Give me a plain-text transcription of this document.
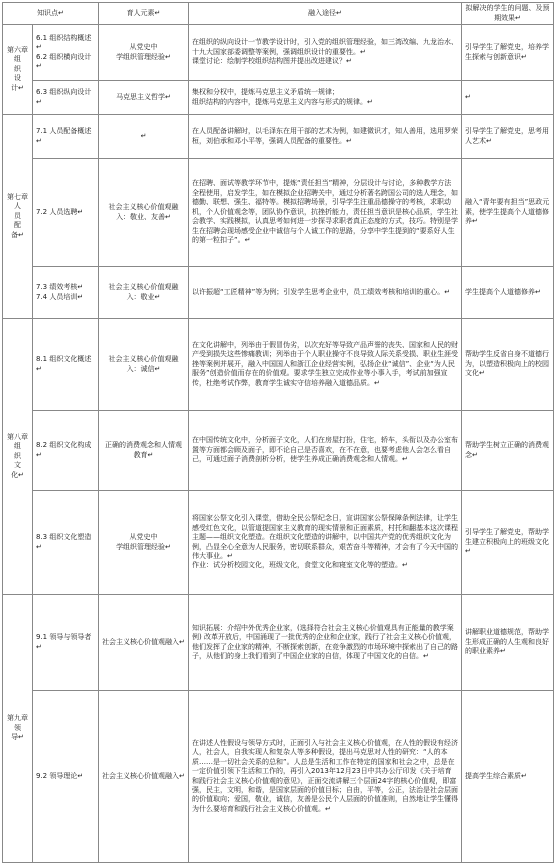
知识点↵		育人元素↵	融入途径↵	拟解决的学生的问题、及预期效果↵

第六章
组
织
设
计↵	6.1 组织结构概述↵
6.2 组织横向设计↵	从党史中
学组织管理经验↵	在组织的纵向设计一节教学设计时，引入党的组织管理经验，如三湾改编、九龙治水、十九大国家部委调整等案例，强调组织设计的重要性。↵
课堂讨论：绘制学校组织结构图并提出改进建议？↵	引导学生了解党史，培养学生探索与创新意识↵
	6.3 组织纵向设计↵	马克思主义哲学↵	集权和分权中，提炼马克思主义矛盾统一规律；
组织结构的内容中，提炼马克思主义内容与形式的规律。↵	↵

第七章
人
员
配
备↵	7.1 人员配备概述↵	↵	在人员配备讲解时，以毛泽东在用干部的艺术为例，如建微识才，知人善用，选用罗荣桓，刘伯承和邓小平等，强调人员配备的重要性。↵	引导学生了解党史，思考用人艺术↵
	7.2 人员选聘↵	社会主义核心价值观融入：敬业、友善↵	在招聘、面试等教学环节中，提炼“责任担当”精神，分层设计与讨论，多种教学方法全程使用，启发学生，如在模拟企业招聘关中，通过分析著名跨国公司的选人理念，如德勤、联想、强生、福特等。模拟招聘场景，引导学生注重品德操守的考核，求职动机，个人价值观念等，团队协作意识，抗挫折能力，责任担当意识是核心品质，学生社会教学、实践模拟，认真思考如何进一步探寻求职者真正态度的方式，技巧。特别是学生在招聘会现场感受企业中诚信与个人诚工作的思路，分享中学生提到的“要系好人生的第一粒扣子”。↵	融入“青年要有担当”思政元素，使学生提高个人道德修养↵

	7.3 绩效考核↵
7.4 人员培训↵	社会主义核心价值观融入：敬业↵	以许振超“工匠精神”等为例；引发学生思考企业中，员工绩效考核和培训的重心。↵	学生提高个人道德修养↵

第八章
组
织
文
化↵	8.1 组织文化概述↵	社会主义核心价值观融入：诚信↵	在文化讲解中，列举由于假冒伪劣，以次充好等导致产品声誉的丧失、国家和人民的财产受到损失这些惨痛教训；列举由于个人职业操守不良导致人际关系受损、职业生涯受挫等案例并展开，融入中国国人和浙江企业经营实例，弘扬企业“诚信”、企业“为人民服务”创造价值而存在的价值观。要求学生独立完成作业等小事入手，考试前加强宣传，杜绝考试作弊，教育学生诚实守信培养融入道德品质。↵	帮助学生反省自身不道德行为，以塑造积极向上的校园文化↵
	8.2 组织文化构成↵	正确的消费观念和人情观教育↵	在中国传统文化中，分析面子文化，人们在房屋打扮，住宅，轿车，头衔以及办公室布置等方面都会顾及面子，即不论自己是否喜欢，在不在意，也要考虑他人会怎么看自己，可通过面子消费剖析分析，使学生养成正确消费观念和人情观。↵	帮助学生树立正确的消费观念↵
	8.3 组织文化塑造↵	从党史中
学组织管理经验↵	将国家公祭文化引入课堂，借助全民公祭纪念日，宣讲国家公祭保障条例法律，让学生感受红色文化，以管道提国家主义教育的现实情景和正面素质，村托和翻基本这次课程主题——组织文化塑造。在组织文化塑造的讲解中，以中国共产党的优秀组织文化为例，凸显全心全意为人民服务，密切联系群众，艰苦奋斗等精神，才会有了今天中国的伟大事业。↵
作业：试分析校园文化，班级文化，食堂文化和寝室文化等的塑造。↵	引导学生了解党史，帮助学生建立积极向上的班级文化↵

第九章
领
导↵	9.1 领导与领导者↵	社会主义核心价值观融入↵	知识拓展：介绍中外优秀企业家，(选择符合社会主义核心价值观具有正能量的教学案例) 改革开放后，中国涌现了一批优秀的企业和企业家，践行了社会主义核心价值观，他们发挥了企业家的精神，不断探索创新，在竞争激烈的市场环境中探索出了自己的路子，从他们的身上我们看到了中国企业家的自信，体现了中国文化的自信。↵	讲解职业道德规范，帮助学生形成正确的人生观和良好的职业素养↵
	9.2 领导理论↵	社会主义核心价值观融入↵	在讲述人性假设与领导方式时，正面引入与社会主义核心价值观，在人性的假设有经济人，社会人，自我实现人和复杂人等多种假设，提出马克思对人性的研究：“人的本质……是一切社会关系的总和”。人总是生活和工作在特定的国家和社会之中，总是在一定价值引领下生活和工作的，再引入2013年12月23日中共办公厅印发《关于培育和践行社会主义核心价值观的意见》，正面交流讲解三个层面24字的核心价值观，即富强，民主，文明，和谐，是国家层面的价值目标；自由，平等，公正，法治是社会层面的价值取向；爱国，敬业，诚信，友善是公民个人层面的价值准则，自然地让学生懂得为什么要培育和践行社会主义核心价值观。↵	提高学生综合素质↵
